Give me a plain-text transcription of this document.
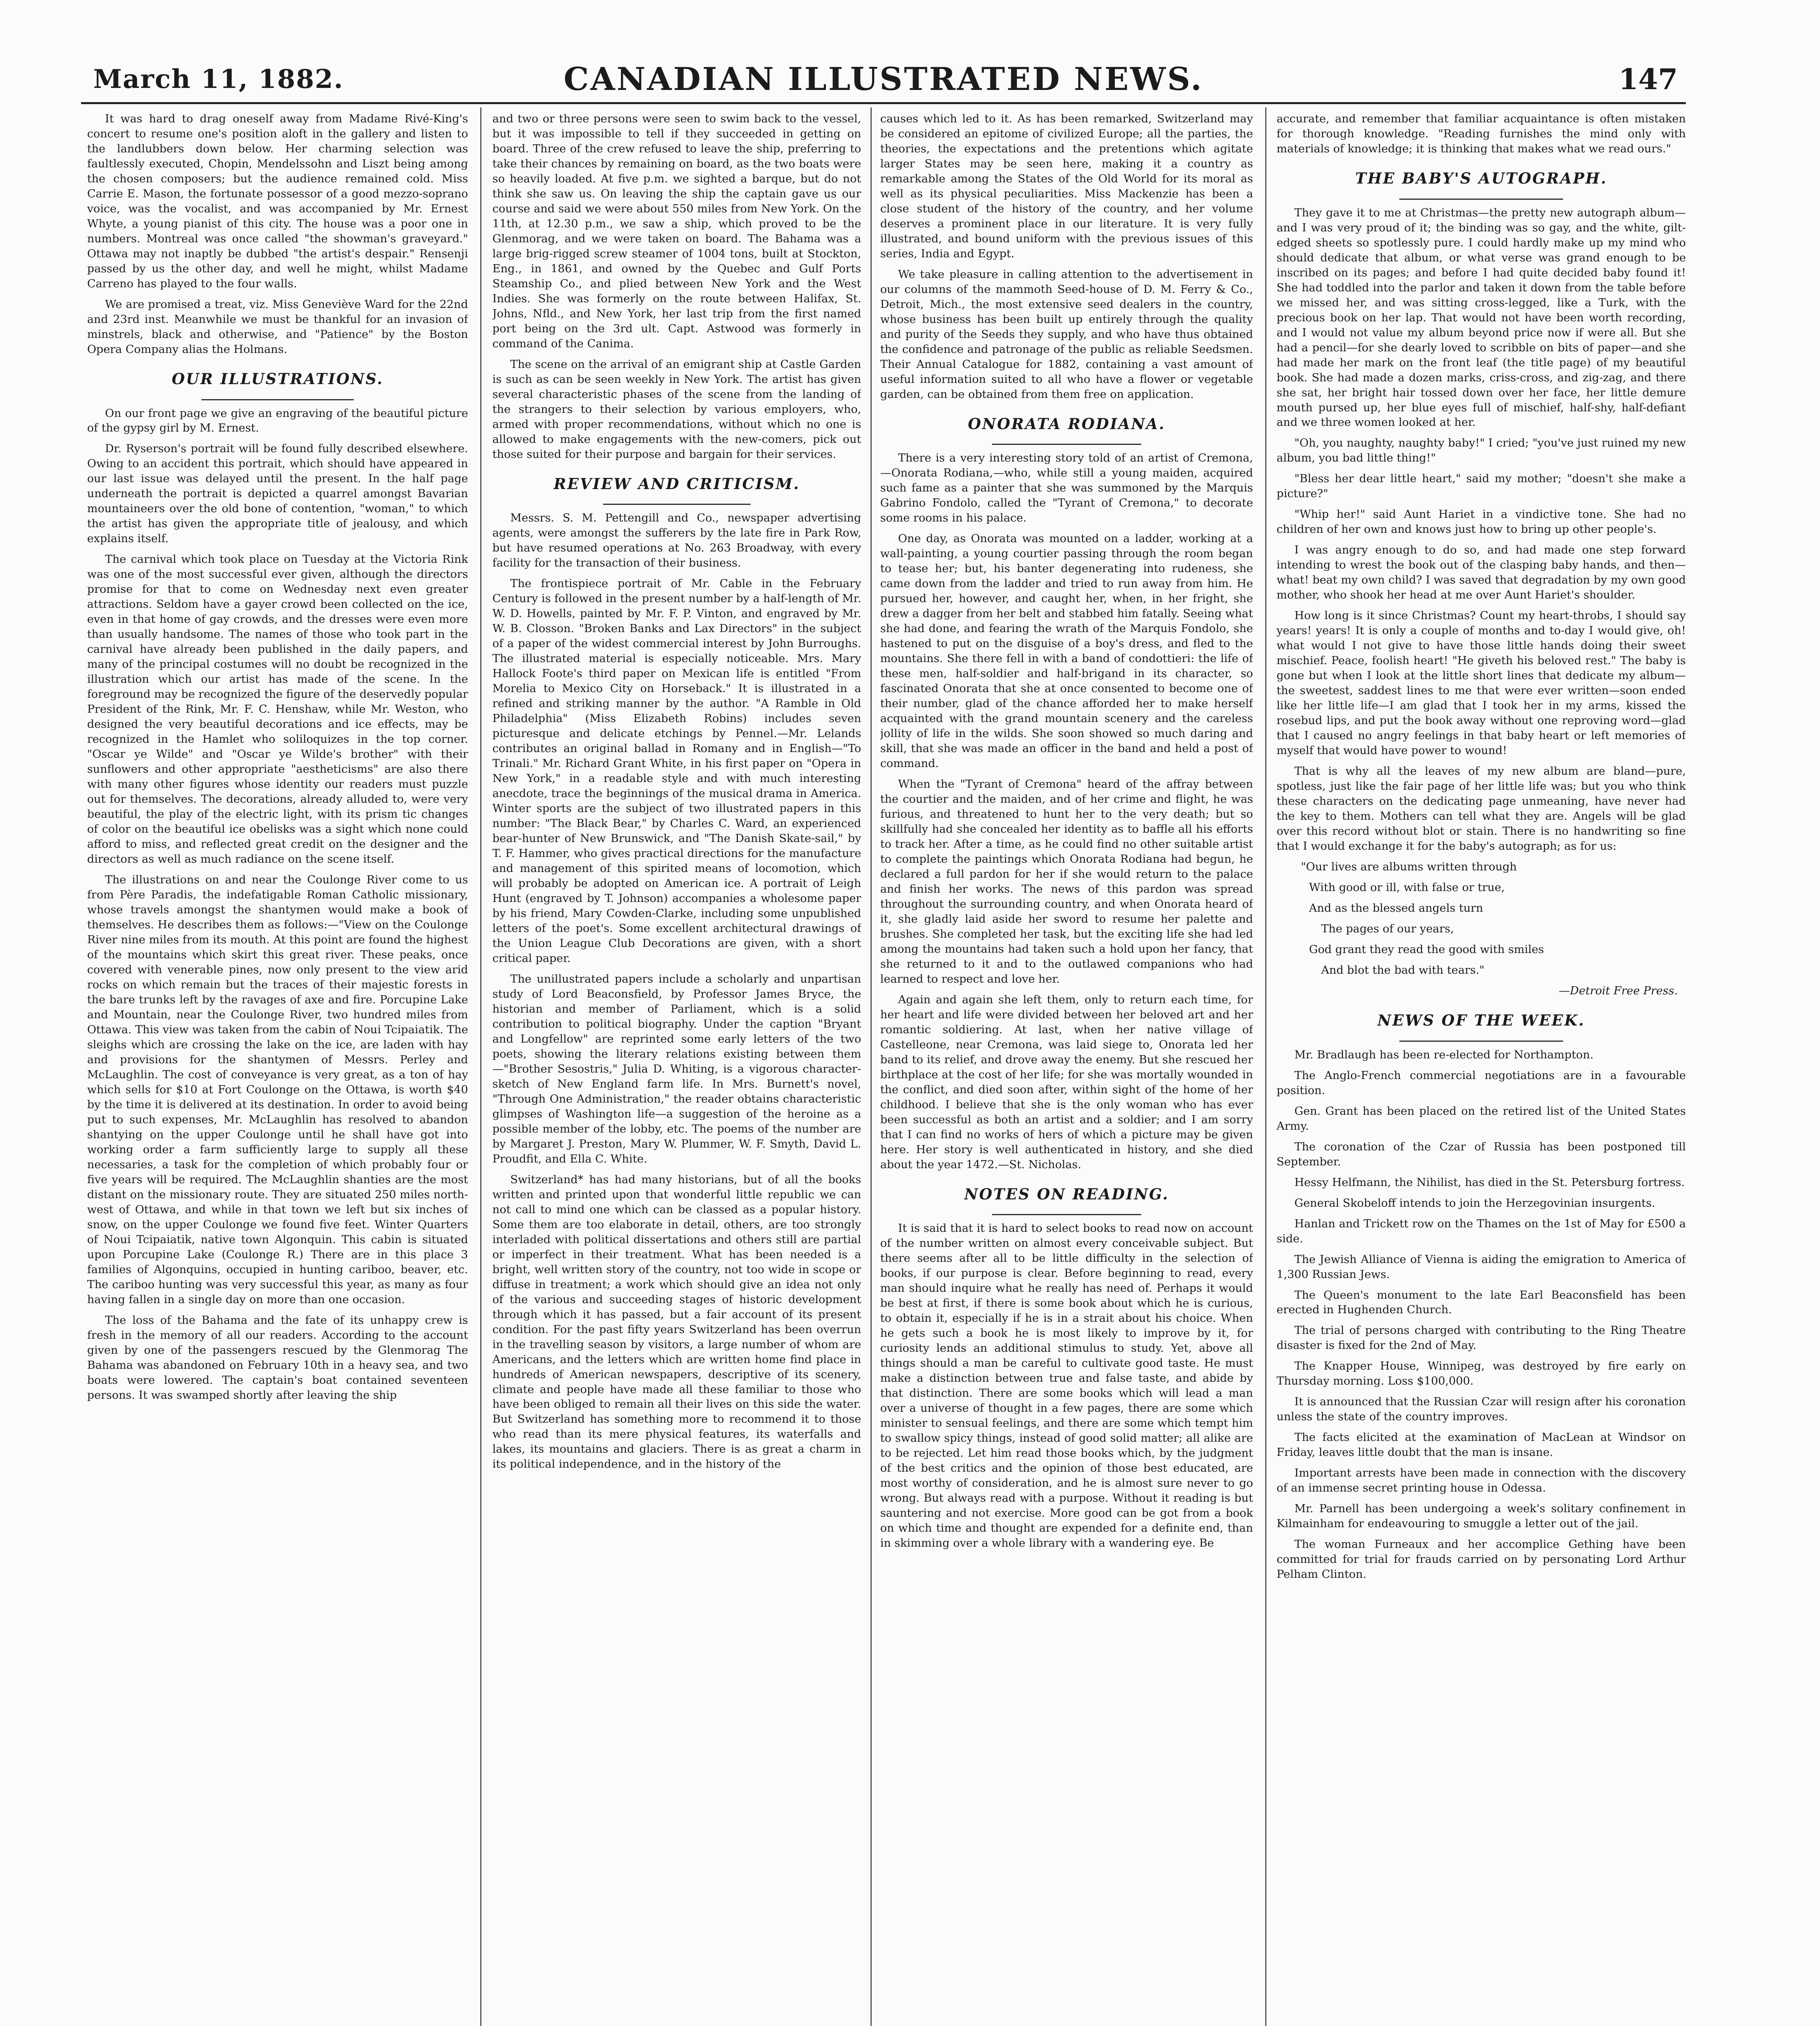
March 11, 1882.	CANADIAN ILLUSTRATED NEWS.	147

It was hard to drag oneself away from Madame Rivé-King's concert to resume one's position aloft in the gallery and listen to the landlubbers down below. Her charming selection was faultlessly executed, Chopin, Mendelssohn and Liszt being among the chosen composers; but the audience remained cold. Miss Carrie E. Mason, the fortunate possessor of a good mezzo-soprano voice, was the vocalist, and was accompanied by Mr. Ernest Whyte, a young pianist of this city. The house was a poor one in numbers. Montreal was once called "the showman's graveyard." Ottawa may not inaptly be dubbed "the artist's despair." Rensenji passed by us the other day, and well he might, whilst Madame Carreno has played to the four walls.

We are promised a treat, viz. Miss Geneviève Ward for the 22nd and 23rd inst. Meanwhile we must be thankful for an invasion of minstrels, black and otherwise, and "Patience" by the Boston Opera Company alias the Holmans.

OUR ILLUSTRATIONS.

On our front page we give an engraving of the beautiful picture of the gypsy girl by M. Ernest.

Dr. Ryserson's portrait will be found fully described elsewhere. Owing to an accident this portrait, which should have appeared in our last issue was delayed until the present. In the half page underneath the portrait is depicted a quarrel amongst Bavarian mountaineers over the old bone of contention, "woman," to which the artist has given the appropriate title of jealousy, and which explains itself.

The carnival which took place on Tuesday at the Victoria Rink was one of the most successful ever given, although the directors promise for that to come on Wednesday next even greater attractions. Seldom have a gayer crowd been collected on the ice, even in that home of gay crowds, and the dresses were even more than usually handsome. The names of those who took part in the carnival have already been published in the daily papers, and many of the principal costumes will no doubt be recognized in the illustration which our artist has made of the scene. In the foreground may be recognized the figure of the deservedly popular President of the Rink, Mr. F. C. Henshaw, while Mr. Weston, who designed the very beautiful decorations and ice effects, may be recognized in the Hamlet who soliloquizes in the top corner. "Oscar ye Wilde" and "Oscar ye Wilde's brother" with their sunflowers and other appropriate "aestheticisms" are also there with many other figures whose identity our readers must puzzle out for themselves. The decorations, already alluded to, were very beautiful, the play of the electric light, with its prism tic changes of color on the beautiful ice obelisks was a sight which none could afford to miss, and reflected great credit on the designer and the directors as well as much radiance on the scene itself.

The illustrations on and near the Coulonge River come to us from Père Paradis, the indefatigable Roman Catholic missionary, whose travels amongst the shantymen would make a book of themselves. He describes them as follows:—"View on the Coulonge River nine miles from its mouth. At this point are found the highest of the mountains which skirt this great river. These peaks, once covered with venerable pines, now only present to the view arid rocks on which remain but the traces of their majestic forests in the bare trunks left by the ravages of axe and fire. Porcupine Lake and Mountain, near the Coulonge River, two hundred miles from Ottawa. This view was taken from the cabin of Noui Tcipaiatik. The sleighs which are crossing the lake on the ice, are laden with hay and provisions for the shantymen of Messrs. Perley and McLaughlin. The cost of conveyance is very great, as a ton of hay which sells for $10 at Fort Coulonge on the Ottawa, is worth $40 by the time it is delivered at its destination. In order to avoid being put to such expenses, Mr. McLaughlin has resolved to abandon shantying on the upper Coulonge until he shall have got into working order a farm sufficiently large to supply all these necessaries, a task for the completion of which probably four or five years will be required. The McLaughlin shanties are the most distant on the missionary route. They are situated 250 miles north-west of Ottawa, and while in that town we left but six inches of snow, on the upper Coulonge we found five feet. Winter Quarters of Noui Tcipaiatik, native town Algonquin. This cabin is situated upon Porcupine Lake (Coulonge R.) There are in this place 3 families of Algonquins, occupied in hunting cariboo, beaver, etc. The cariboo hunting was very successful this year, as many as four having fallen in a single day on more than one occasion.

The loss of the Bahama and the fate of its unhappy crew is fresh in the memory of all our readers. According to the account given by one of the passengers rescued by the Glenmorag The Bahama was abandoned on February 10th in a heavy sea, and two boats were lowered. The captain's boat contained seventeen persons. It was swamped shortly after leaving the ship

and two or three persons were seen to swim back to the vessel, but it was impossible to tell if they succeeded in getting on board. Three of the crew refused to leave the ship, preferring to take their chances by remaining on board, as the two boats were so heavily loaded. At five p.m. we sighted a barque, but do not think she saw us. On leaving the ship the captain gave us our course and said we were about 550 miles from New York. On the 11th, at 12.30 p.m., we saw a ship, which proved to be the Glenmorag, and we were taken on board. The Bahama was a large brig-rigged screw steamer of 1004 tons, built at Stockton, Eng., in 1861, and owned by the Quebec and Gulf Ports Steamship Co., and plied between New York and the West Indies. She was formerly on the route between Halifax, St. Johns, Nfld., and New York, her last trip from the first named port being on the 3rd ult. Capt. Astwood was formerly in command of the Canima.

The scene on the arrival of an emigrant ship at Castle Garden is such as can be seen weekly in New York. The artist has given several characteristic phases of the scene from the landing of the strangers to their selection by various employers, who, armed with proper recommendations, without which no one is allowed to make engagements with the new-comers, pick out those suited for their purpose and bargain for their services.

REVIEW AND CRITICISM.

Messrs. S. M. Pettengill and Co., newspaper advertising agents, were amongst the sufferers by the late fire in Park Row, but have resumed operations at No. 263 Broadway, with every facility for the transaction of their business.

The frontispiece portrait of Mr. Cable in the February Century is followed in the present number by a half-length of Mr. W. D. Howells, painted by Mr. F. P. Vinton, and engraved by Mr. W. B. Closson. "Broken Banks and Lax Directors" in the subject of a paper of the widest commercial interest by John Burroughs. The illustrated material is especially noticeable. Mrs. Mary Hallock Foote's third paper on Mexican life is entitled "From Morelia to Mexico City on Horseback." It is illustrated in a refined and striking manner by the author. "A Ramble in Old Philadelphia" (Miss Elizabeth Robins) includes seven picturesque and delicate etchings by Pennel.—Mr. Lelands contributes an original ballad in Romany and in English—"To Trinali." Mr. Richard Grant White, in his first paper on "Opera in New York," in a readable style and with much interesting anecdote, trace the beginnings of the musical drama in America. Winter sports are the subject of two illustrated papers in this number: "The Black Bear," by Charles C. Ward, an experienced bear-hunter of New Brunswick, and "The Danish Skate-sail," by T. F. Hammer, who gives practical directions for the manufacture and management of this spirited means of locomotion, which will probably be adopted on American ice. A portrait of Leigh Hunt (engraved by T. Johnson) accompanies a wholesome paper by his friend, Mary Cowden-Clarke, including some unpublished letters of the poet's. Some excellent architectural drawings of the Union League Club Decorations are given, with a short critical paper.

The unillustrated papers include a scholarly and unpartisan study of Lord Beaconsfield, by Professor James Bryce, the historian and member of Parliament, which is a solid contribution to political biography. Under the caption "Bryant and Longfellow" are reprinted some early letters of the two poets, showing the literary relations existing between them—"Brother Sesostris," Julia D. Whiting, is a vigorous character-sketch of New England farm life. In Mrs. Burnett's novel, "Through One Administration," the reader obtains characteristic glimpses of Washington life—a suggestion of the heroine as a possible member of the lobby, etc. The poems of the number are by Margaret J. Preston, Mary W. Plummer, W. F. Smyth, David L. Proudfit, and Ella C. White.

Switzerland* has had many historians, but of all the books written and printed upon that wonderful little republic we can not call to mind one which can be classed as a popular history. Some them are too elaborate in detail, others, are too strongly interladed with political dissertations and others still are partial or imperfect in their treatment. What has been needed is a bright, well written story of the country, not too wide in scope or diffuse in treatment; a work which should give an idea not only of the various and succeeding stages of historic development through which it has passed, but a fair account of its present condition. For the past fifty years Switzerland has been overrun in the travelling season by visitors, a large number of whom are Americans, and the letters which are written home find place in hundreds of American newspapers, descriptive of its scenery, climate and people have made all these familiar to those who have been obliged to remain all their lives on this side the water. But Switzerland has something more to recommend it to those who read than its mere physical features, its waterfalls and lakes, its mountains and glaciers. There is as great a charm in its political independence, and in the history of the

causes which led to it. As has been remarked, Switzerland may be considered an epitome of civilized Europe; all the parties, the theories, the expectations and the pretentions which agitate larger States may be seen here, making it a country as remarkable among the States of the Old World for its moral as well as its physical peculiarities. Miss Mackenzie has been a close student of the history of the country, and her volume deserves a prominent place in our literature. It is very fully illustrated, and bound uniform with the previous issues of this series, India and Egypt.

We take pleasure in calling attention to the advertisement in our columns of the mammoth Seed-house of D. M. Ferry & Co., Detroit, Mich., the most extensive seed dealers in the country, whose business has been built up entirely through the quality and purity of the Seeds they supply, and who have thus obtained the confidence and patronage of the public as reliable Seedsmen. Their Annual Catalogue for 1882, containing a vast amount of useful information suited to all who have a flower or vegetable garden, can be obtained from them free on application.

ONORATA RODIANA.

There is a very interesting story told of an artist of Cremona,—Onorata Rodiana,—who, while still a young maiden, acquired such fame as a painter that she was summoned by the Marquis Gabrino Fondolo, called the "Tyrant of Cremona," to decorate some rooms in his palace.

One day, as Onorata was mounted on a ladder, working at a wall-painting, a young courtier passing through the room began to tease her; but, his banter degenerating into rudeness, she came down from the ladder and tried to run away from him. He pursued her, however, and caught her, when, in her fright, she drew a dagger from her belt and stabbed him fatally. Seeing what she had done, and fearing the wrath of the Marquis Fondolo, she hastened to put on the disguise of a boy's dress, and fled to the mountains. She there fell in with a band of condottieri: the life of these men, half-soldier and half-brigand in its character, so fascinated Onorata that she at once consented to become one of their number, glad of the chance afforded her to make herself acquainted with the grand mountain scenery and the careless jollity of life in the wilds. She soon showed so much daring and skill, that she was made an officer in the band and held a post of command.

When the "Tyrant of Cremona" heard of the affray between the courtier and the maiden, and of her crime and flight, he was furious, and threatened to hunt her to the very death; but so skillfully had she concealed her identity as to baffle all his efforts to track her. After a time, as he could find no other suitable artist to complete the paintings which Onorata Rodiana had begun, he declared a full pardon for her if she would return to the palace and finish her works. The news of this pardon was spread throughout the surrounding country, and when Onorata heard of it, she gladly laid aside her sword to resume her palette and brushes. She completed her task, but the exciting life she had led among the mountains had taken such a hold upon her fancy, that she returned to it and to the outlawed companions who had learned to respect and love her.

Again and again she left them, only to return each time, for her heart and life were divided between her beloved art and her romantic soldiering. At last, when her native village of Castelleone, near Cremona, was laid siege to, Onorata led her band to its relief, and drove away the enemy. But she rescued her birthplace at the cost of her life; for she was mortally wounded in the conflict, and died soon after, within sight of the home of her childhood. I believe that she is the only woman who has ever been successful as both an artist and a soldier; and I am sorry that I can find no works of hers of which a picture may be given here. Her story is well authenticated in history, and she died about the year 1472.—St. Nicholas.

NOTES ON READING.

It is said that it is hard to select books to read now on account of the number written on almost every conceivable subject. But there seems after all to be little difficulty in the selection of books, if our purpose is clear. Before beginning to read, every man should inquire what he really has need of. Perhaps it would be best at first, if there is some book about which he is curious, to obtain it, especially if he is in a strait about his choice. When he gets such a book he is most likely to improve by it, for curiosity lends an additional stimulus to study. Yet, above all things should a man be careful to cultivate good taste. He must make a distinction between true and false taste, and abide by that distinction. There are some books which will lead a man over a universe of thought in a few pages, there are some which minister to sensual feelings, and there are some which tempt him to swallow spicy things, instead of good solid matter; all alike are to be rejected. Let him read those books which, by the judgment of the best critics and the opinion of those best educated, are most worthy of consideration, and he is almost sure never to go wrong. But always read with a purpose. Without it reading is but sauntering and not exercise. More good can be got from a book on which time and thought are expended for a definite end, than in skimming over a whole library with a wandering eye. Be

accurate, and remember that familiar acquaintance is often mistaken for thorough knowledge. "Reading furnishes the mind only with materials of knowledge; it is thinking that makes what we read ours."

THE BABY'S AUTOGRAPH.

They gave it to me at Christmas—the pretty new autograph album—and I was very proud of it; the binding was so gay, and the white, gilt-edged sheets so spotlessly pure. I could hardly make up my mind who should dedicate that album, or what verse was grand enough to be inscribed on its pages; and before I had quite decided baby found it! She had toddled into the parlor and taken it down from the table before we missed her, and was sitting cross-legged, like a Turk, with the precious book on her lap. That would not have been worth recording, and I would not value my album beyond price now if were all. But she had a pencil—for she dearly loved to scribble on bits of paper—and she had made her mark on the front leaf (the title page) of my beautiful book. She had made a dozen marks, criss-cross, and zig-zag, and there she sat, her bright hair tossed down over her face, her little demure mouth pursed up, her blue eyes full of mischief, half-shy, half-defiant and we three women looked at her.

"Oh, you naughty, naughty baby!" I cried; "you've just ruined my new album, you bad little thing!"

"Bless her dear little heart," said my mother; "doesn't she make a picture?"

"Whip her!" said Aunt Hariet in a vindictive tone. She had no children of her own and knows just how to bring up other people's.

I was angry enough to do so, and had made one step forward intending to wrest the book out of the clasping baby hands, and then—what! beat my own child? I was saved that degradation by my own good mother, who shook her head at me over Aunt Hariet's shoulder.

How long is it since Christmas? Count my heart-throbs, I should say years! years! It is only a couple of months and to-day I would give, oh! what would I not give to have those little hands doing their sweet mischief. Peace, foolish heart! "He giveth his beloved rest." The baby is gone but when I look at the little short lines that dedicate my album—the sweetest, saddest lines to me that were ever written—soon ended like her little life—I am glad that I took her in my arms, kissed the rosebud lips, and put the book away without one reproving word—glad that I caused no angry feelings in that baby heart or left memories of myself that would have power to wound!

That is why all the leaves of my new album are bland—pure, spotless, just like the fair page of her little life was; but you who think these characters on the dedicating page unmeaning, have never had the key to them. Mothers can tell what they are. Angels will be glad over this record without blot or stain. There is no handwriting so fine that I would exchange it for the baby's autograph; as for us:

"Our lives are albums written through

With good or ill, with false or true,

And as the blessed angels turn

The pages of our years,

God grant they read the good with smiles

And blot the bad with tears."

—Detroit Free Press.
NEWS OF THE WEEK.

Mr. Bradlaugh has been re-elected for Northampton.

The Anglo-French commercial negotiations are in a favourable position.

Gen. Grant has been placed on the retired list of the United States Army.

The coronation of the Czar of Russia has been postponed till September.

Hessy Helfmann, the Nihilist, has died in the St. Petersburg fortress.

General Skobeloff intends to join the Herzegovinian insurgents.

Hanlan and Trickett row on the Thames on the 1st of May for £500 a side.

The Jewish Alliance of Vienna is aiding the emigration to America of 1,300 Russian Jews.

The Queen's monument to the late Earl Beaconsfield has been erected in Hughenden Church.

The trial of persons charged with contributing to the Ring Theatre disaster is fixed for the 2nd of May.

The Knapper House, Winnipeg, was destroyed by fire early on Thursday morning. Loss $100,000.

It is announced that the Russian Czar will resign after his coronation unless the state of the country improves.

The facts elicited at the examination of MacLean at Windsor on Friday, leaves little doubt that the man is insane.

Important arrests have been made in connection with the discovery of an immense secret printing house in Odessa.

Mr. Parnell has been undergoing a week's solitary confinement in Kilmainham for endeavouring to smuggle a letter out of the jail.

The woman Furneaux and her accomplice Gething have been committed for trial for frauds carried on by personating Lord Arthur Pelham Clinton.
